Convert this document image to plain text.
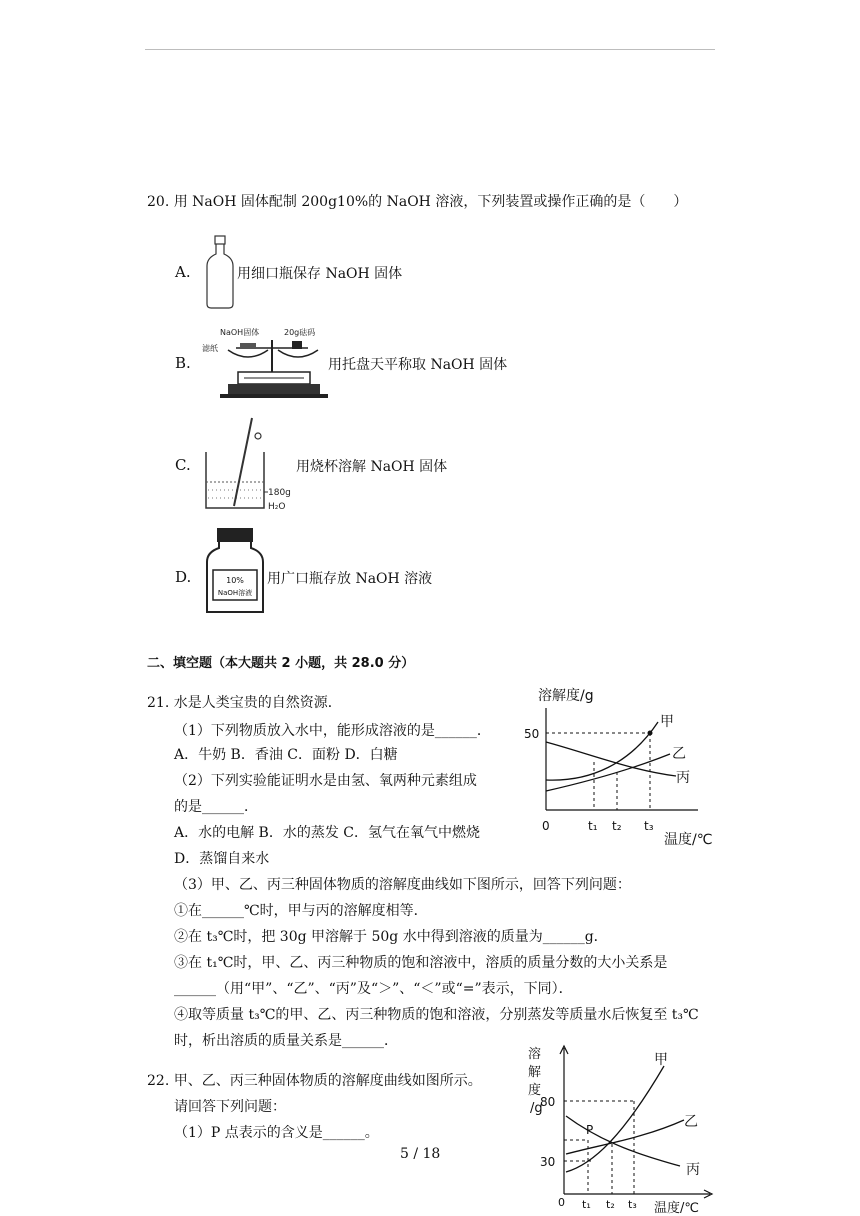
20. 用 NaOH 固体配制 200g10%的 NaOH 溶液，下列装置或操作正确的是（　　）
A.	用细口瓶保存 NaOH 固体
B.
NaOH固体	20g砝码
滤纸
用托盘天平称取 NaOH 固体
C.
180g
H₂O
用烧杯溶解 NaOH 固体
D.	10%
NaOH溶液
用广口瓶存放 NaOH 溶液
二、填空题（本大题共 2 小题，共 28.0 分）
21. 水是人类宝贵的自然资源．
（1）下列物质放入水中，能形成溶液的是______．
A．牛奶 B．香油 C．面粉 D．白糖
（2）下列实验能证明水是由氢、氧两种元素组成
的是______．
A．水的电解 B．水的蒸发 C．氢气在氧气中燃烧
D．蒸馏自来水
（3）甲、乙、丙三种固体物质的溶解度曲线如下图所示，回答下列问题：
①在______℃时，甲与丙的溶解度相等．
②在 t₃℃时，把 30g 甲溶解于 50g 水中得到溶液的质量为______g．
③在 t₁℃时，甲、乙、丙三种物质的饱和溶液中，溶质的质量分数的大小关系是
______（用“甲”、“乙”、“丙”及“＞”、“＜”或“=”表示，下同）．
④取等质量 t₃℃的甲、乙、丙三种物质的饱和溶液，分别蒸发等质量水后恢复至 t₃℃
时，析出溶质的质量关系是______．
溶解度/g
0
50
甲
乙
丙
t₁ t₂ t₃
温度/℃
22. 甲、乙、丙三种固体物质的溶解度曲线如图所示。
请回答下列问题：
（1）P 点表示的含义是______。
溶
解
度
/g
0
80
30
P
甲
乙
丙
t₁ t₂ t₃ 温度/℃
5 / 18
